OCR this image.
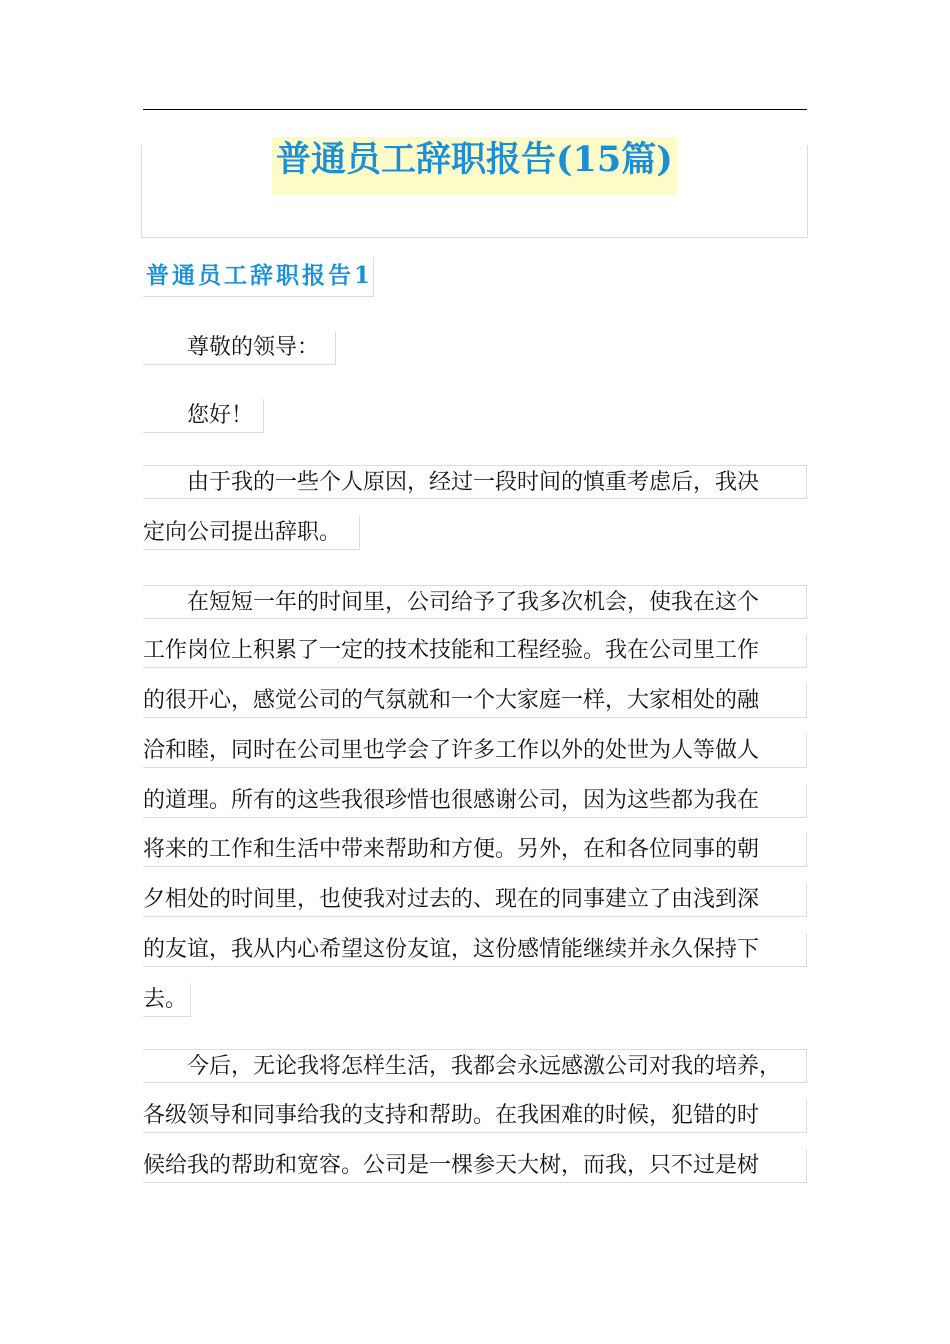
普通员工辞职报告(15篇)
普通员工辞职报告1
　　尊敬的领导：
　　您好！
　　由于我的一些个人原因，经过一段时间的慎重考虑后，我决
定向公司提出辞职。
　　在短短一年的时间里，公司给予了我多次机会，使我在这个
工作岗位上积累了一定的技术技能和工程经验。我在公司里工作
的很开心，感觉公司的气氛就和一个大家庭一样，大家相处的融
洽和睦，同时在公司里也学会了许多工作以外的处世为人等做人
的道理。所有的这些我很珍惜也很感谢公司，因为这些都为我在
将来的工作和生活中带来帮助和方便。另外，在和各位同事的朝
夕相处的时间里，也使我对过去的、现在的同事建立了由浅到深
的友谊，我从内心希望这份友谊，这份感情能继续并永久保持下
去。
　　今后，无论我将怎样生活，我都会永远感激公司对我的培养，
各级领导和同事给我的支持和帮助。在我困难的时候，犯错的时
候给我的帮助和宽容。公司是一棵参天大树，而我，只不过是树
